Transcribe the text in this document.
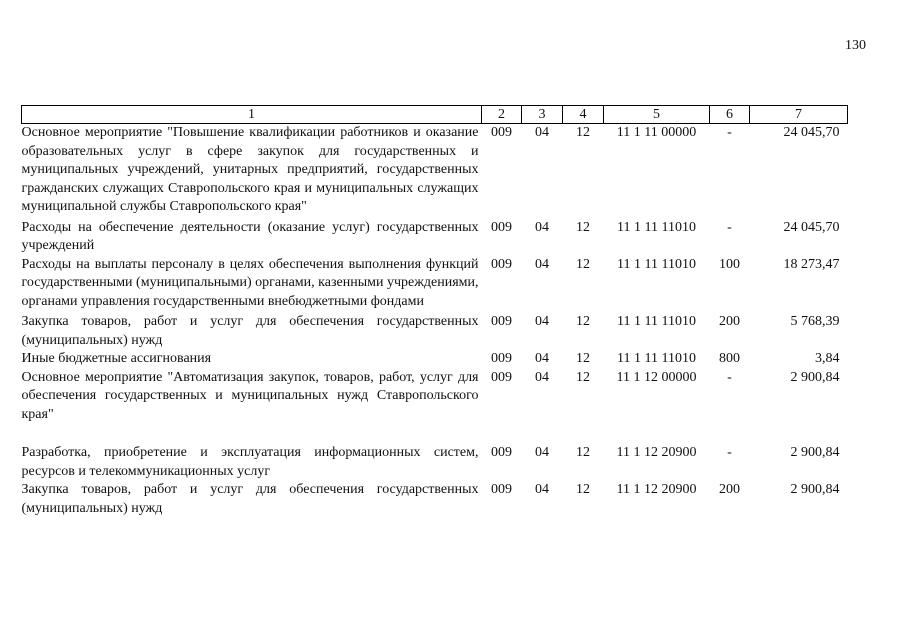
130
1	2	3	4	5	6	7
Основное мероприятие "Повышение квалификации работников и оказание образовательных услуг в сфере закупок для государственных и муниципальных учреждений, унитарных предприятий, государственных гражданских служащих Ставропольского края и муниципальных служащих муниципальной службы Ставропольского края"	009	04	12	11 1 11 00000	-	24 045,70
Расходы на обеспечение деятельности (оказание услуг) государственных учреждений	009	04	12	11 1 11 11010	-	24 045,70
Расходы на выплаты персоналу в целях обеспечения выполнения функций государственными (муниципальными) органами, казенными учреждениями, органами управления государственными внебюджетными фондами	009	04	12	11 1 11 11010	100	18 273,47
Закупка товаров, работ и услуг для обеспечения государственных (муниципальных) нужд	009	04	12	11 1 11 11010	200	5 768,39
Иные бюджетные ассигнования	009	04	12	11 1 11 11010	800	3,84
Основное мероприятие "Автоматизация закупок, товаров, работ, услуг для обеспечения государственных и муниципальных нужд Ставропольского края"	009	04	12	11 1 12 00000	-	2 900,84
Разработка, приобретение и эксплуатация информационных систем, ресурсов и телекоммуникационных услуг	009	04	12	11 1 12 20900	-	2 900,84
Закупка товаров, работ и услуг для обеспечения государственных (муниципальных) нужд	009	04	12	11 1 12 20900	200	2 900,84
